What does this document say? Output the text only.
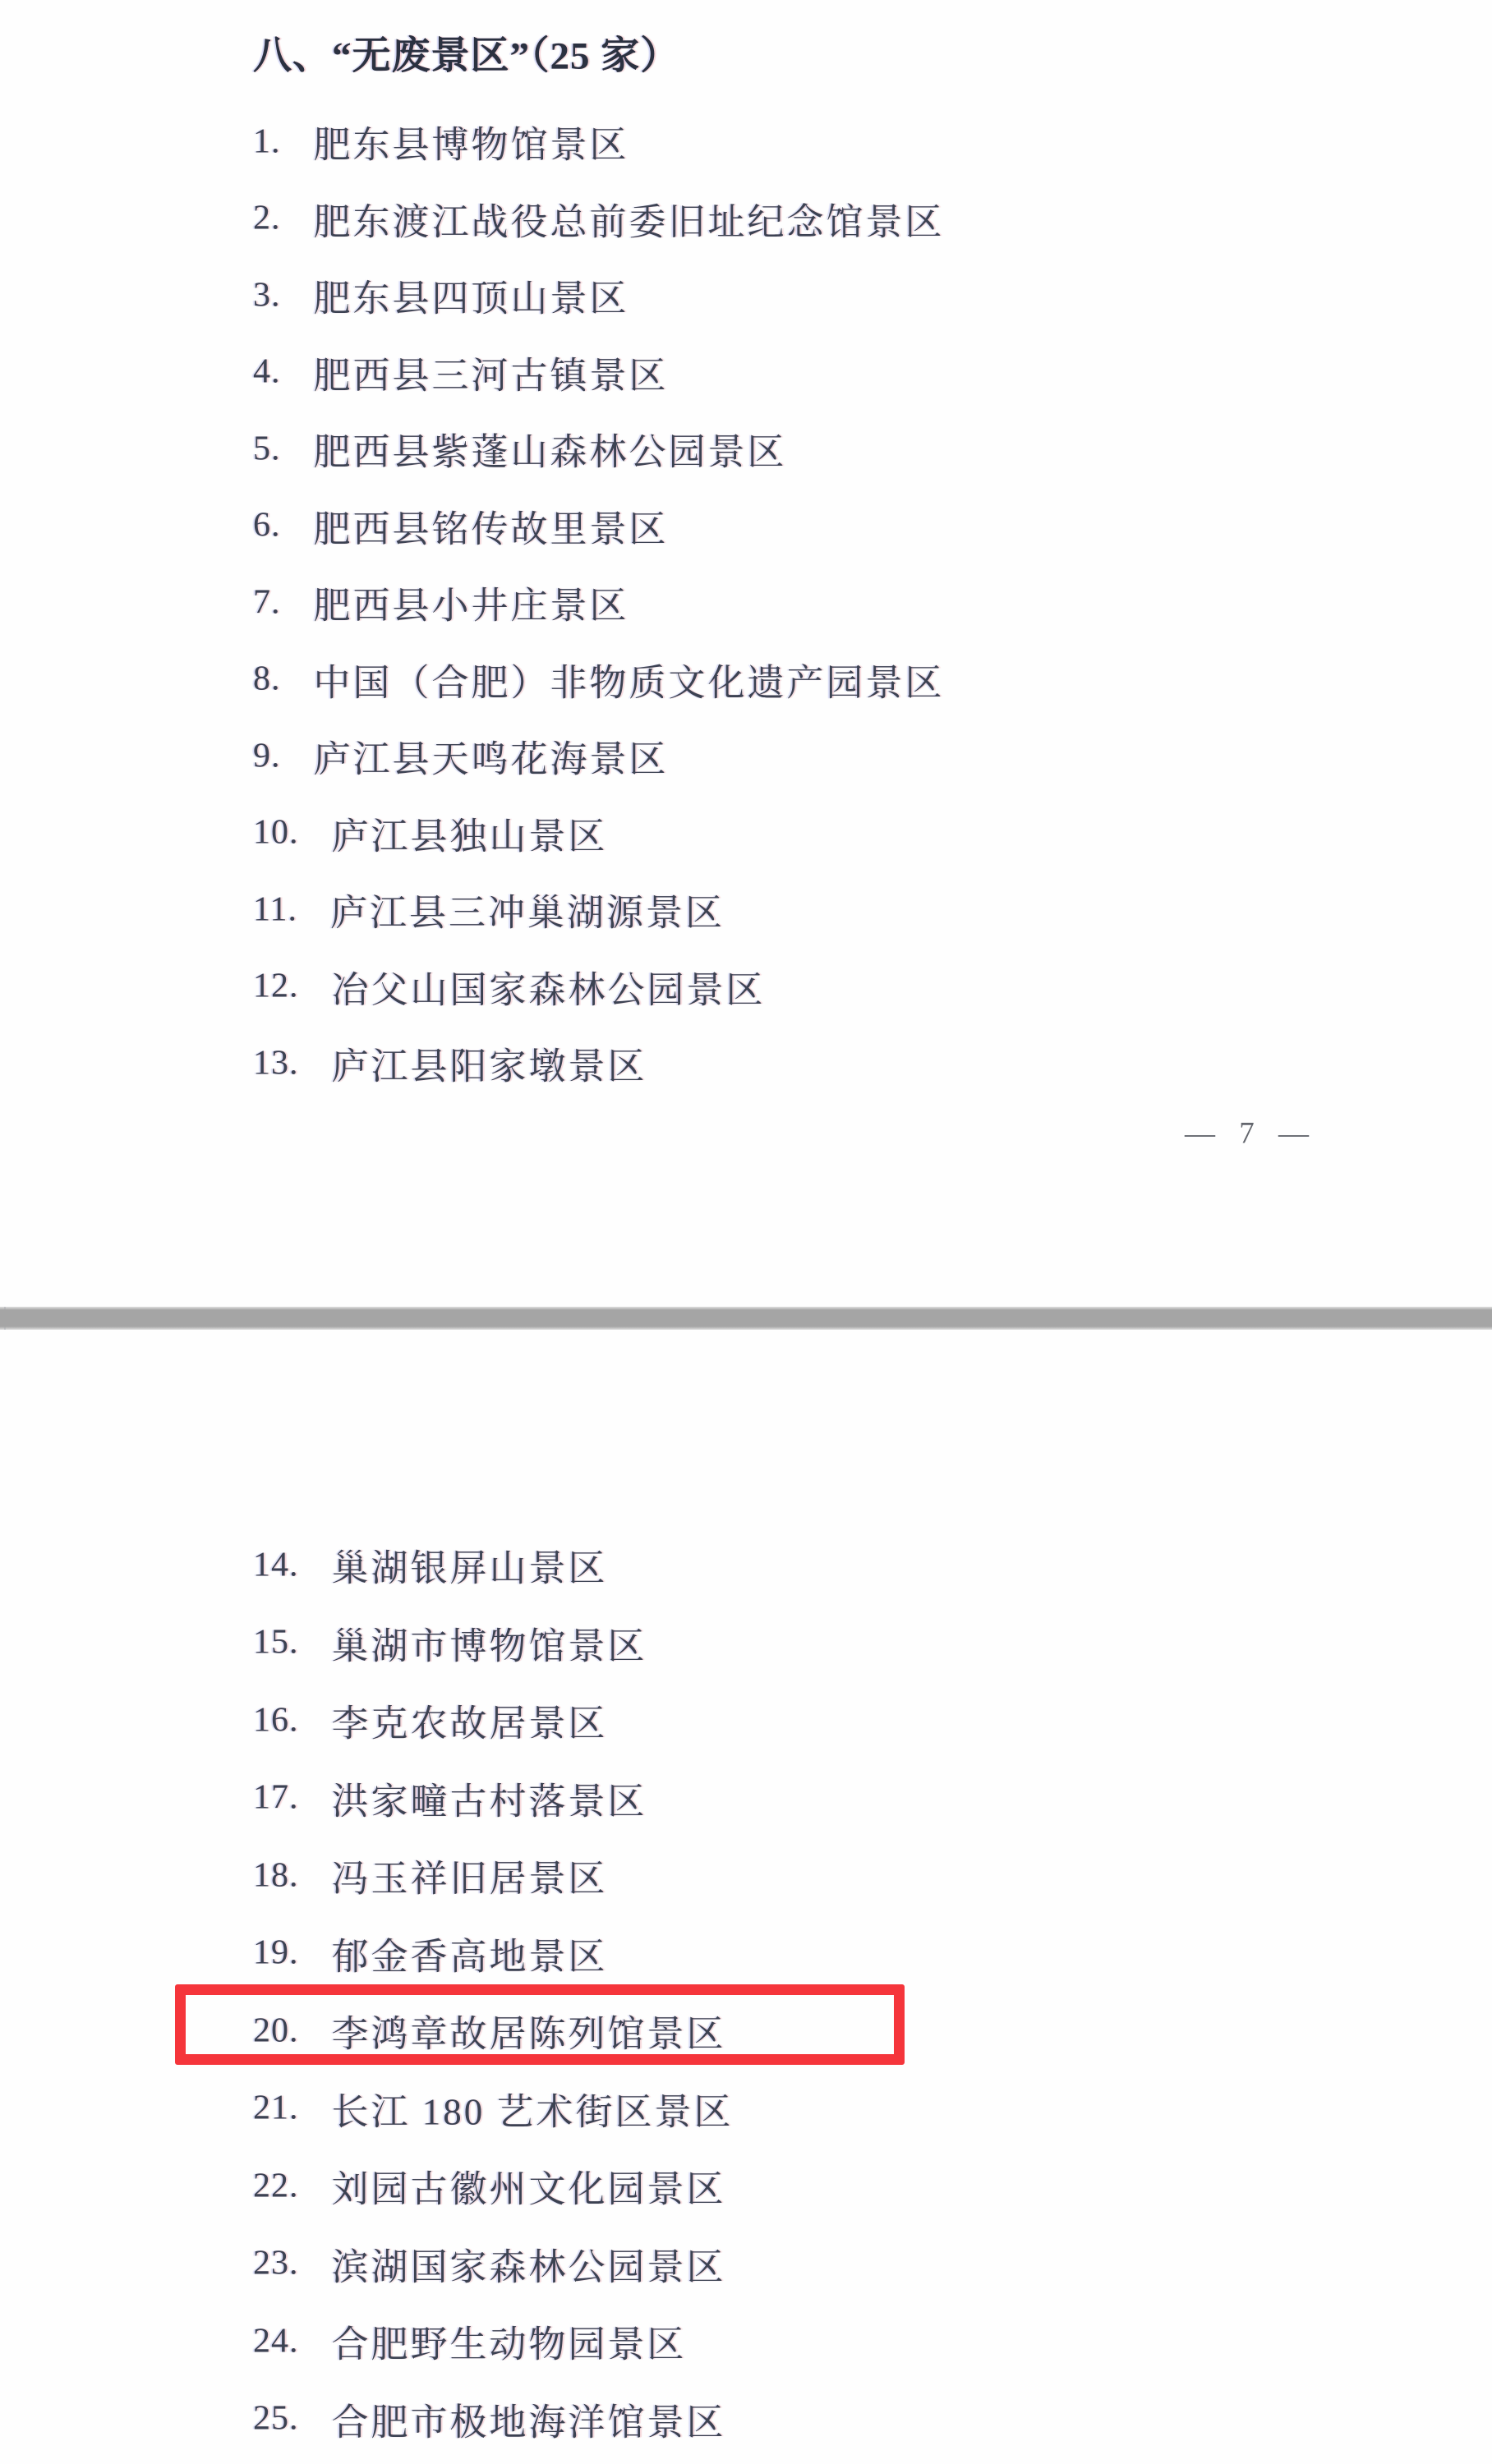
八、“无废景区”（25 家）
1. 肥东县博物馆景区
2. 肥东渡江战役总前委旧址纪念馆景区
3. 肥东县四顶山景区
4. 肥西县三河古镇景区
5. 肥西县紫蓬山森林公园景区
6. 肥西县铭传故里景区
7. 肥西县小井庄景区
8. 中国（合肥）非物质文化遗产园景区
9. 庐江县天鸣花海景区
10. 庐江县独山景区
11. 庐江县三冲巢湖源景区
12. 冶父山国家森林公园景区
13. 庐江县阳家墩景区
— 7 —
14. 巢湖银屏山景区
15. 巢湖市博物馆景区
16. 李克农故居景区
17. 洪家疃古村落景区
18. 冯玉祥旧居景区
19. 郁金香高地景区
20. 李鸿章故居陈列馆景区
21. 长江 180 艺术街区景区
22. 刘园古徽州文化园景区
23. 滨湖国家森林公园景区
24. 合肥野生动物园景区
25. 合肥市极地海洋馆景区
